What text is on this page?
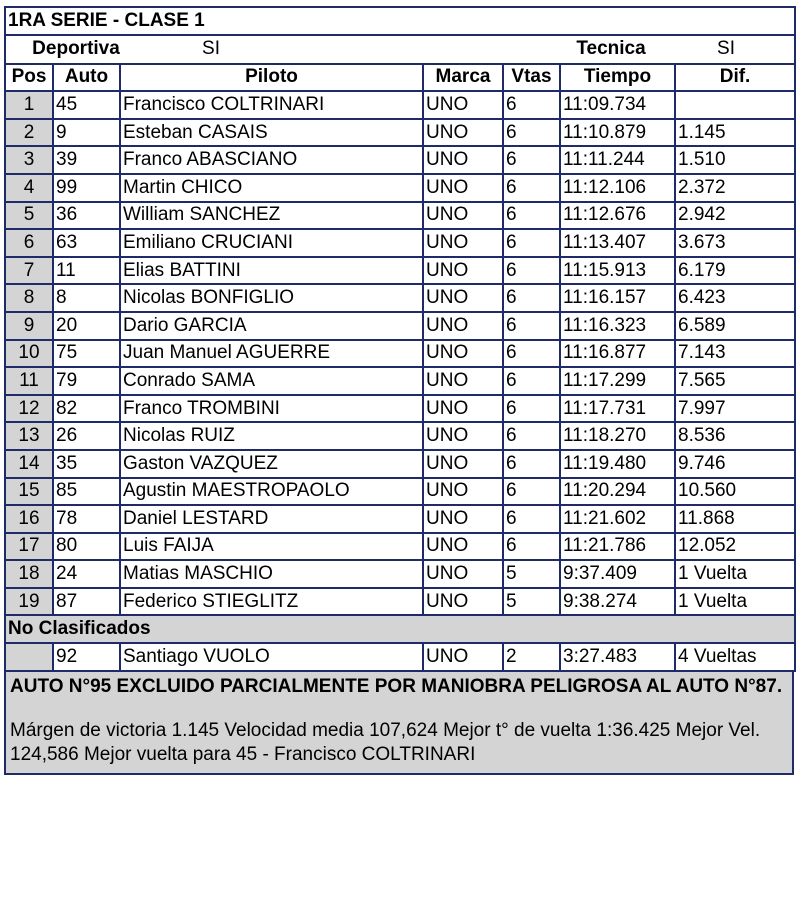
1RA SERIE - CLASE 1						

Deportiva SI Tecnica SI						

Pos	Auto	Piloto	Marca	Vtas	Tiempo	Dif.
1	45	Francisco COLTRINARI	UNO	6	11:09.734	
2	9	Esteban CASAIS	UNO	6	11:10.879	1.145
3	39	Franco ABASCIANO	UNO	6	11:11.244	1.510
4	99	Martin CHICO	UNO	6	11:12.106	2.372
5	36	William SANCHEZ	UNO	6	11:12.676	2.942
6	63	Emiliano CRUCIANI	UNO	6	11:13.407	3.673
7	11	Elias BATTINI	UNO	6	11:15.913	6.179
8	8	Nicolas BONFIGLIO	UNO	6	11:16.157	6.423
9	20	Dario GARCIA	UNO	6	11:16.323	6.589
10	75	Juan Manuel AGUERRE	UNO	6	11:16.877	7.143
11	79	Conrado SAMA	UNO	6	11:17.299	7.565
12	82	Franco TROMBINI	UNO	6	11:17.731	7.997
13	26	Nicolas RUIZ	UNO	6	11:18.270	8.536
14	35	Gaston VAZQUEZ	UNO	6	11:19.480	9.746
15	85	Agustin MAESTROPAOLO	UNO	6	11:20.294	10.560
16	78	Daniel LESTARD	UNO	6	11:21.602	11.868
17	80	Luis FAIJA	UNO	6	11:21.786	12.052
18	24	Matias MASCHIO	UNO	5	9:37.409	1 Vuelta
19	87	Federico STIEGLITZ	UNO	5	9:38.274	1 Vuelta
No Clasificados						
	92	Santiago VUOLO	UNO	2	3:27.483	4 Vueltas
AUTO N°95 EXCLUIDO PARCIALMENTE POR MANIOBRA PELIGROSA AL AUTO N°87.
Márgen de victoria 1.145 Velocidad media 107,624 Mejor t° de vuelta 1:36.425 Mejor Vel. 124,586 Mejor vuelta para 45 - Francisco COLTRINARI
